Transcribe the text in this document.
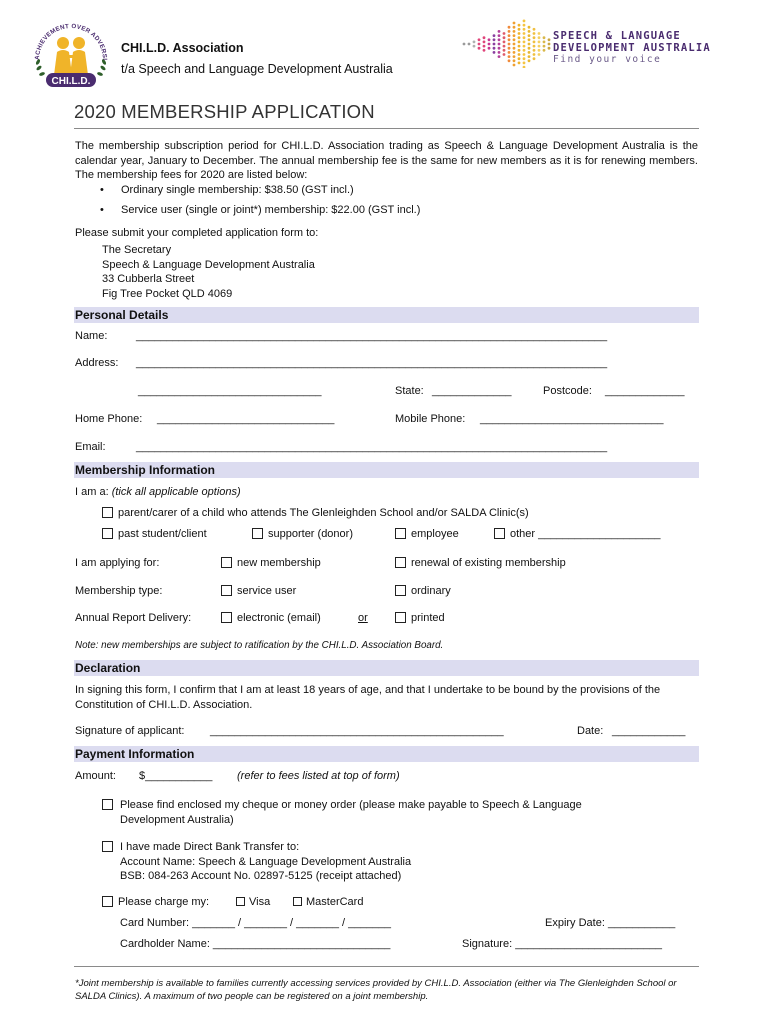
ACHIEVEMENT OVER ADVERSI
CHI.L.D.
CHI.L.D. Association
t/a Speech and Language Development Australia
SPEECH & LANGUAGE
DEVELOPMENT AUSTRALIA
Find your voice
2020 MEMBERSHIP APPLICATION
The membership subscription period for CHI.L.D. Association trading as Speech & Language Development Australia is the calendar year, January to December. The annual membership fee is the same for new members as it is for renewing members. The membership fees for 2020 are listed below:
• Ordinary single membership: $38.50 (GST incl.)
• Service user (single or joint*) membership: $22.00 (GST incl.)
Please submit your completed application form to:
The Secretary
Speech & Language Development Australia
33 Cubberla Street
Fig Tree Pocket QLD 4069
Personal Details
Name:	_____________________________________________________________________________
Address: _____________________________________________________________________________
______________________________	State: _____________	Postcode: _____________
Home Phone: _____________________________	Mobile Phone: ______________________________
Email:	_____________________________________________________________________________
Membership Information
I am a: (tick all applicable options)
parent/carer of a child who attends The Glenleighden School and/or SALDA Clinic(s)
past student/client	supporter (donor)	employee	other ____________________
I am applying for:	new membership	renewal of existing membership
Membership type:	service user	ordinary
Annual Report Delivery:	electronic (email)	or	printed
Note: new memberships are subject to ratification by the CHI.L.D. Association Board.
Declaration
In signing this form, I confirm that I am at least 18 years of age, and that I undertake to be bound by the provisions of the Constitution of CHI.L.D. Association.
Signature of applicant: ________________________________________________	Date: ____________
Payment Information
Amount: $___________ (refer to fees listed at top of form)
Please find enclosed my cheque or money order (please make payable to Speech & Language
Development Australia)
I have made Direct Bank Transfer to:
Account Name: Speech & Language Development Australia
BSB: 084-263 Account No. 02897-5125 (receipt attached)
Please charge my:	Visa	MasterCard
Card Number: _______ / _______ / _______ / _______	Expiry Date: ___________
Cardholder Name: _____________________________	Signature: ________________________
*Joint membership is available to families currently accessing services provided by CHI.L.D. Association (either via The Glenleighden School or SALDA Clinics). A maximum of two people can be registered on a joint membership.
